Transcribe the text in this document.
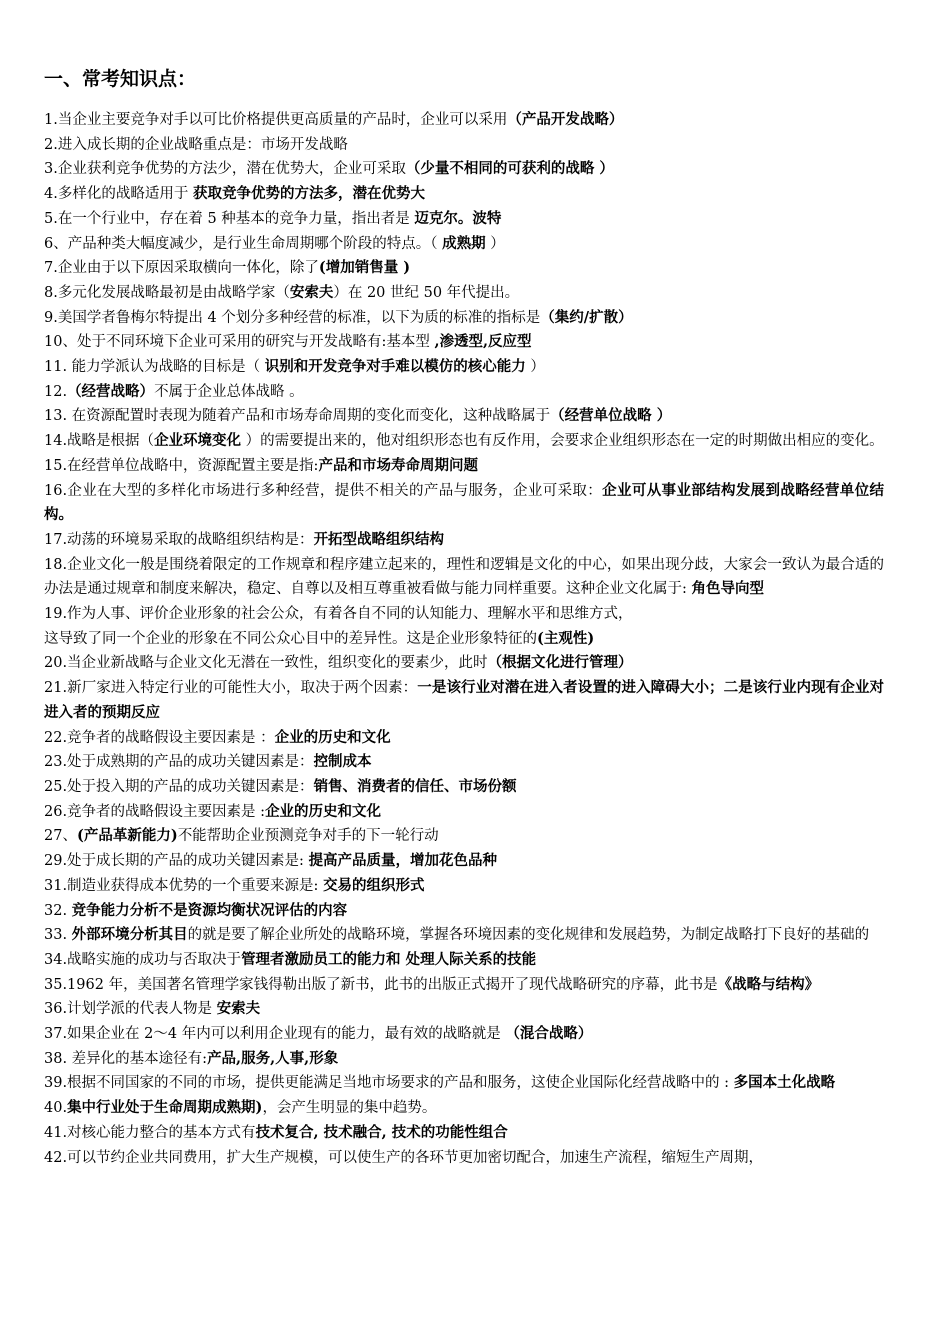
一、常考知识点：

1.当企业主要竞争对手以可比价格提供更高质量的产品时，企业可以采用（产品开发战略）

2.进入成长期的企业战略重点是：市场开发战略

3.企业获利竞争优势的方法少，潜在优势大，企业可采取（少量不相同的可获利的战略 ）

4.多样化的战略适用于 获取竞争优势的方法多，潜在优势大

5.在一个行业中，存在着 5 种基本的竞争力量，指出者是 迈克尔。波特

6、产品种类大幅度减少，是行业生命周期哪个阶段的特点。（ 成熟期 ）

7.企业由于以下原因采取横向一体化，除了(增加销售量 )

8.多元化发展战略最初是由战略学家（安索夫）在 20 世纪 50 年代提出。

9.美国学者鲁梅尔特提出 4 个划分多种经营的标准，以下为质的标准的指标是（集约/扩散）

10、处于不同环境下企业可采用的研究与开发战略有:基本型 ,渗透型,反应型

11. 能力学派认为战略的目标是（ 识别和开发竞争对手难以模仿的核心能力 ）

12.（经营战略）不属于企业总体战略 。

13. 在资源配置时表现为随着产品和市场寿命周期的变化而变化，这种战略属于（经营单位战略 ）

14.战略是根据（企业环境变化 ）的需要提出来的，他对组织形态也有反作用，会要求企业组织形态在一定的时期做出相应的变化。

15.在经营单位战略中，资源配置主要是指:产品和市场寿命周期问题

16.企业在大型的多样化市场进行多种经营，提供不相关的产品与服务，企业可采取：企业可从事业部结构发展到战略经营单位结构。

17.动荡的环境易采取的战略组织结构是：开拓型战略组织结构

18.企业文化一般是围绕着限定的工作规章和程序建立起来的，理性和逻辑是文化的中心，如果出现分歧，大家会一致认为最合适的办法是通过规章和制度来解决，稳定、自尊以及相互尊重被看做与能力同样重要。这种企业文化属于: 角色导向型

19.作为人事、评价企业形象的社会公众，有着各自不同的认知能力、理解水平和思维方式，

这导致了同一个企业的形象在不同公众心目中的差异性。这是企业形象特征的(主观性)

20.当企业新战略与企业文化无潜在一致性，组织变化的要素少，此时（根据文化进行管理）

21.新厂家进入特定行业的可能性大小，取决于两个因素：一是该行业对潜在进入者设置的进入障碍大小；二是该行业内现有企业对进入者的预期反应

22.竞争者的战略假设主要因素是 ：企业的历史和文化

23.处于成熟期的产品的成功关键因素是：控制成本

25.处于投入期的产品的成功关键因素是：销售、消费者的信任、市场份额

26.竞争者的战略假设主要因素是 :企业的历史和文化

27、(产品革新能力)不能帮助企业预测竞争对手的下一轮行动

29.处于成长期的产品的成功关键因素是: 提高产品质量，增加花色品种

31.制造业获得成本优势的一个重要来源是: 交易的组织形式

32. 竞争能力分析不是资源均衡状况评估的内容

33. 外部环境分析其目的就是要了解企业所处的战略环境，掌握各环境因素的变化规律和发展趋势，为制定战略打下良好的基础的

34.战略实施的成功与否取决于管理者激励员工的能力和 处理人际关系的技能

35.1962 年，美国著名管理学家钱得勒出版了新书，此书的出版正式揭开了现代战略研究的序幕，此书是《战略与结构》

36.计划学派的代表人物是 安索夫

37.如果企业在 2～4 年内可以利用企业现有的能力，最有效的战略就是 （混合战略）

38. 差异化的基本途径有:产品,服务,人事,形象

39.根据不同国家的不同的市场，提供更能满足当地市场要求的产品和服务，这使企业国际化经营战略中的 : 多国本土化战略

40.集中行业处于生命周期成熟期)，会产生明显的集中趋势。

41.对核心能力整合的基本方式有技术复合, 技术融合, 技术的功能性组合

42.可以节约企业共同费用，扩大生产规模，可以使生产的各环节更加密切配合，加速生产流程，缩短生产周期，
